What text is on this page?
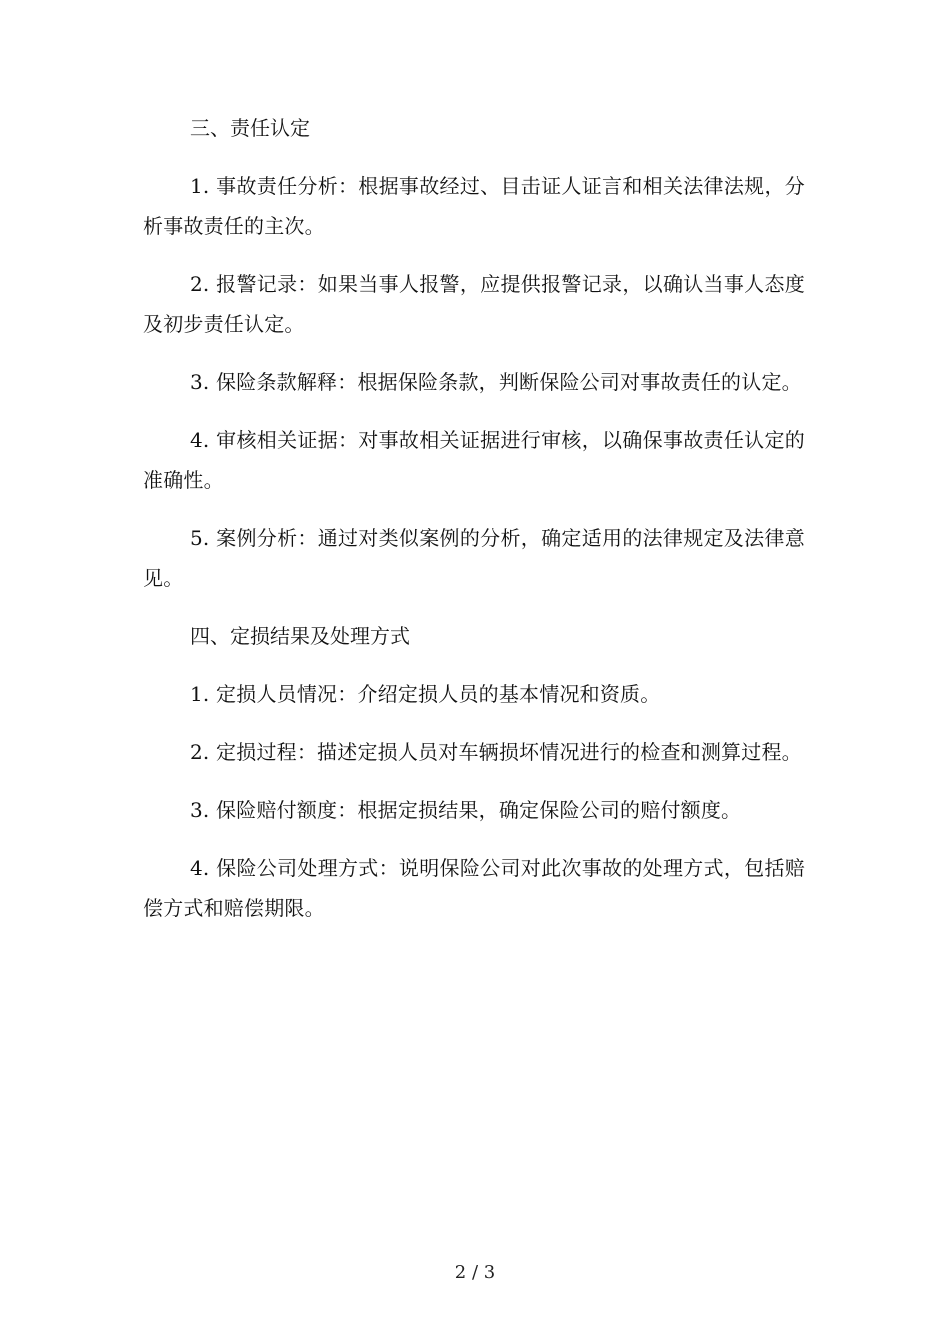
三、责任认定

1. 事故责任分析：根据事故经过、目击证人证言和相关法律法规，分析事故责任的主次。

2. 报警记录：如果当事人报警，应提供报警记录，以确认当事人态度及初步责任认定。

3. 保险条款解释：根据保险条款，判断保险公司对事故责任的认定。

4. 审核相关证据：对事故相关证据进行审核，以确保事故责任认定的准确性。

5. 案例分析：通过对类似案例的分析，确定适用的法律规定及法律意见。

四、定损结果及处理方式

1. 定损人员情况：介绍定损人员的基本情况和资质。

2. 定损过程：描述定损人员对车辆损坏情况进行的检查和测算过程。

3. 保险赔付额度：根据定损结果，确定保险公司的赔付额度。

4. 保险公司处理方式：说明保险公司对此次事故的处理方式，包括赔偿方式和赔偿期限。

2 / 3
